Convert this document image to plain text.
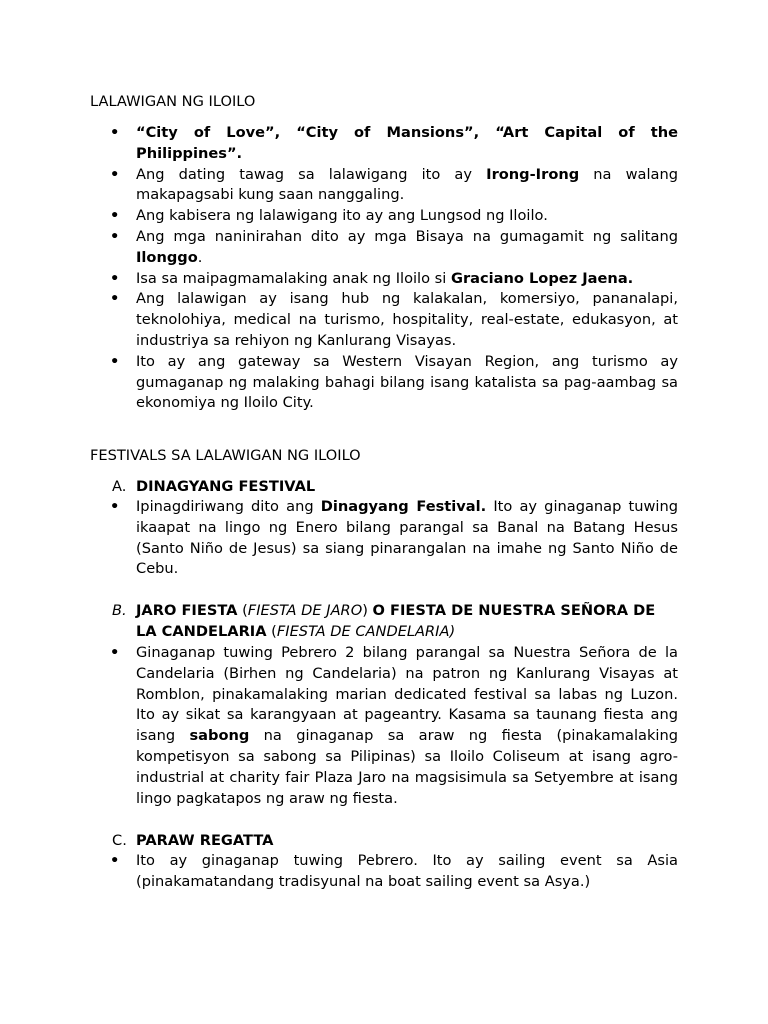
LALAWIGAN NG ILOILO
•	“City of Love”, “City of Mansions”, “Art Capital of the Philippines”.
•	Ang dating tawag sa lalawigang ito ay Irong-Irong na walang makapagsabi kung saan nanggaling.
•	Ang kabisera ng lalawigang ito ay ang Lungsod ng Iloilo.
•	Ang mga naninirahan dito ay mga Bisaya na gumagamit ng salitang Ilonggo.
•	Isa sa maipagmamalaking anak ng Iloilo si Graciano Lopez Jaena.
•	Ang lalawigan ay isang hub ng kalakalan, komersiyo, pananalapi, teknolohiya, medical na turismo, hospitality, real-estate, edukasyon, at industriya sa rehiyon ng Kanlurang Visayas.
•	Ito ay ang gateway sa Western Visayan Region, ang turismo ay gumaganap ng malaking bahagi bilang isang katalista sa pag-aambag sa ekonomiya ng Iloilo City.
FESTIVALS SA LALAWIGAN NG ILOILO
A. DINAGYANG FESTIVAL
•	Ipinagdiriwang dito ang Dinagyang Festival. Ito ay ginaganap tuwing ikaapat na lingo ng Enero bilang parangal sa Banal na Batang Hesus (Santo Niño de Jesus) sa siang pinarangalan na imahe ng Santo Niño de Cebu.
B. JARO FIESTA (FIESTA DE JARO) O FIESTA DE NUESTRA SEÑORA DE LA CANDELARIA (FIESTA DE CANDELARIA)
•	Ginaganap tuwing Pebrero 2 bilang parangal sa Nuestra Señora de la Candelaria (Birhen ng Candelaria) na patron ng Kanlurang Visayas at Romblon, pinakamalaking marian dedicated festival sa labas ng Luzon. Ito ay sikat sa karangyaan at pageantry. Kasama sa taunang fiesta ang isang sabong na ginaganap sa araw ng fiesta (pinakamalaking kompetisyon sa sabong sa Pilipinas) sa Iloilo Coliseum at isang agro-industrial at charity fair Plaza Jaro na magsisimula sa Setyembre at isang lingo pagkatapos ng araw ng fiesta.
C. PARAW REGATTA
•	Ito ay ginaganap tuwing Pebrero. Ito ay sailing event sa Asia (pinakamatandang tradisyunal na boat sailing event sa Asya.)
